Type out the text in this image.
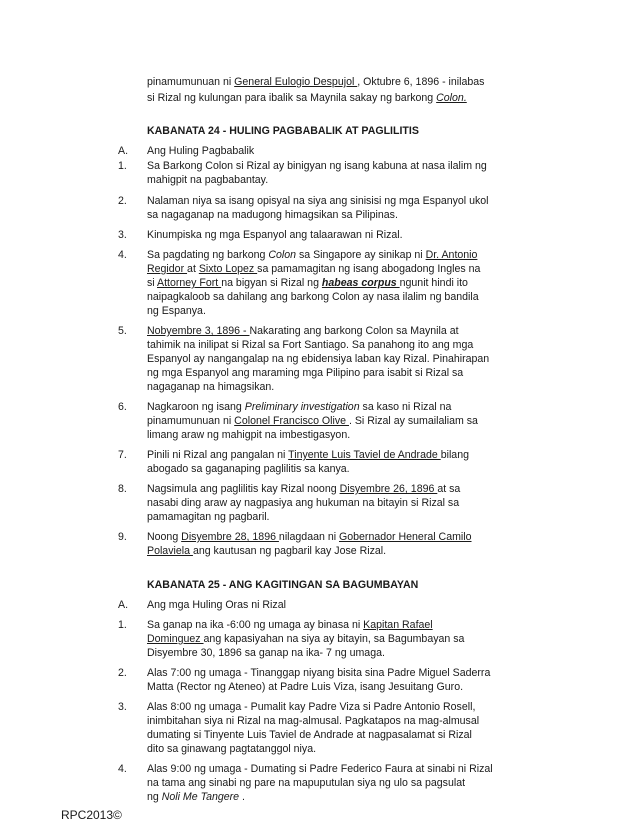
pinamumunuan ni General Eulogio Despujol , Oktubre 6, 1896 - inilabas
si Rizal ng kulungan para ibalik sa Maynila sakay ng barkong Colon.
KABANATA 24 - HULING PAGBABALIK AT PAGLILITIS
A. Ang Huling Pagbabalik
1. Sa Barkong Colon si Rizal ay binigyan ng isang kabuna at nasa ilalim ng
mahigpit na pagbabantay.
2. Nalaman niya sa isang opisyal na siya ang sinisisi ng mga Espanyol ukol
sa nagaganap na madugong himagsikan sa Pilipinas.
3. Kinumpiska ng mga Espanyol ang talaarawan ni Rizal.
4. Sa pagdating ng barkong Colon sa Singapore ay sinikap ni Dr. Antonio
Regidor at Sixto Lopez sa pamamagitan ng isang abogadong Ingles na
si Attorney Fort na bigyan si Rizal ng habeas corpus ngunit hindi ito
naipagkaloob sa dahilang ang barkong Colon ay nasa ilalim ng bandila
ng Espanya.
5. Nobyembre 3, 1896 - Nakarating ang barkong Colon sa Maynila at
tahimik na inilipat si Rizal sa Fort Santiago. Sa panahong ito ang mga
Espanyol ay nangangalap na ng ebidensiya laban kay Rizal. Pinahirapan
ng mga Espanyol ang maraming mga Pilipino para isabit si Rizal sa
nagaganap na himagsikan.
6. Nagkaroon ng isang Preliminary investigation sa kaso ni Rizal na
pinamumunuan ni Colonel Francisco Olive . Si Rizal ay sumailaliam sa
limang araw ng mahigpit na imbestigasyon.
7. Pinili ni Rizal ang pangalan ni Tinyente Luis Taviel de Andrade bilang
abogado sa gaganaping paglilitis sa kanya.
8. Nagsimula ang paglilitis kay Rizal noong Disyembre 26, 1896 at sa
nasabi ding araw ay nagpasiya ang hukuman na bitayin si Rizal sa
pamamagitan ng pagbaril.
9. Noong Disyembre 28, 1896 nilagdaan ni Gobernador Heneral Camilo
Polaviela ang kautusan ng pagbaril kay Jose Rizal.
KABANATA 25 - ANG KAGITINGAN SA BAGUMBAYAN
A. Ang mga Huling Oras ni Rizal
1. Sa ganap na ika -6:00 ng umaga ay binasa ni Kapitan Rafael
Dominguez ang kapasiyahan na siya ay bitayin, sa Bagumbayan sa
Disyembre 30, 1896 sa ganap na ika- 7 ng umaga.
2. Alas 7:00 ng umaga - Tinanggap niyang bisita sina Padre Miguel Saderra
Matta (Rector ng Ateneo) at Padre Luis Viza, isang Jesuitang Guro.
3. Alas 8:00 ng umaga - Pumalit kay Padre Viza si Padre Antonio Rosell,
inimbitahan siya ni Rizal na mag-almusal. Pagkatapos na mag-almusal
dumating si Tinyente Luis Taviel de Andrade at nagpasalamat si Rizal
dito sa ginawang pagtatanggol niya.
4. Alas 9:00 ng umaga - Dumating si Padre Federico Faura at sinabi ni Rizal
na tama ang sinabi ng pare na mapuputulan siya ng ulo sa pagsulat
ng Noli Me Tangere .
RPC2013©
